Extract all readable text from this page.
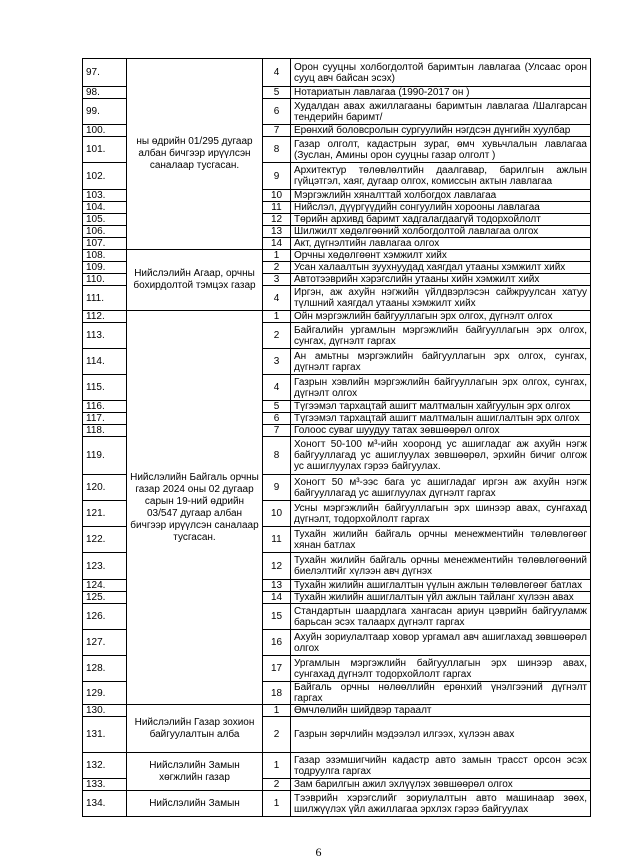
97.	ны өдрийн 01/295 дугаар албан бичгээр ирүүлсэн саналаар тусгасан.	4	Орон сууцны холбогдолтой баримтын лавлагаа (Улсаас орон сууц авч байсан эсэх)
98.		5	Нотариатын лавлагаа (1990-2017 он )
99.		6	Худалдан авах ажиллагааны баримтын лавлагаа /Шалгарсан тендерийн баримт/
100.		7	Ерөнхий боловсролын сургуулийн нэгдсэн дүнгийн хуулбар
101.		8	Газар олголт, кадастрын зураг, өмч хувьчлалын лавлагаа (Зуслан, Амины орон сууцны газар олголт )
102.		9	Архитектур төлөвлөлтийн даалгавар, барилгын ажлын гүйцэтгэл, хаяг, дугаар олгох, комиссын актын лавлагаа
103.		10	Мэргэжлийн хяналттай холбогдох лавлагаа
104.		11	Нийслэл, дүүргүүдийн сонгуулийн хорооны лавлагаа
105.		12	Төрийн архивд баримт хадгалагдаагүй тодорхойлолт
106.		13	Шилжилт хөдөлгөөний холбогдолтой лавлагаа олгох
107.		14	Акт, дүгнэлтийн лавлагаа олгох
108.	Нийслэлийн Агаар, орчны бохирдолтой тэмцэх газар	1	Орчны хөдөлгөөнт хэмжилт хийх
109.		2	Усан халаалтын зуухнуудад хаягдал утааны хэмжилт хийх
110.		3	Автотээврийн хэрэгслийн утааны хийн хэмжилт хийх
111.		4	Иргэн, аж ахуйн нэгжийн үйлдвэрлэсэн сайжруулсан хатуу түлшний хаягдал утааны хэмжилт хийх
112.	Нийслэлийн Байгаль орчны газар 2024 оны 02 дугаар сарын 19-ний өдрийн 03/547 дугаар албан бичгээр ирүүлсэн саналаар тусгасан.	1	Ойн мэргэжлийн байгууллагын эрх олгох, дүгнэлт олгох
113.		2	Байгалийн ургамлын мэргэжлийн байгууллагын эрх олгох, сунгах, дүгнэлт гаргах
114.		3	Ан амьтны мэргэжлийн байгууллагын эрх олгох, сунгах, дүгнэлт гаргах
115.		4	Газрын хэвлийн мэргэжлийн байгууллагын эрх олгох, сунгах, дүгнэлт олгох
116.		5	Түгээмэл тархацтай ашигт малтмалын хайгуулын эрх олгох
117.		6	Түгээмэл тархацтай ашигт малтмалын ашиглалтын эрх олгох
118.		7	Голоос суваг шуудуу татах зөвшөөрөл олгох
119.		8	Хоногт 50-100 м³-ийн хооронд ус ашигладаг аж ахуйн нэгж байгууллагад ус ашиглуулах зөвшөөрөл, эрхийн бичиг олгож ус ашиглуулах гэрээ байгуулах.
120.		9	Хоногт 50 м³-ээс бага ус ашигладаг иргэн аж ахуйн нэгж байгууллагад ус ашиглуулах дүгнэлт гаргах
121.		10	Усны мэргэжлийн байгууллагын эрх шинээр авах, сунгахад дүгнэлт, тодорхойлолт гаргах
122.		11	Тухайн жилийн байгаль орчны менежментийн төлөвлөгөөг хянан батлах
123.		12	Тухайн жилийн байгаль орчны менежментийн төлөвлөгөөний биелэлтийг хүлээн авч дүгнэх
124.		13	Тухайн жилийн ашиглалтын үүлын ажлын төлөвлөгөөг батлах
125.		14	Тухайн жилийн ашиглалтын үйл ажлын тайланг хүлээн авах
126.		15	Стандартын шаардлага хангасан ариун цэврийн байгууламж барьсан эсэх талаарх дүгнэлт гаргах
127.		16	Ахуйн зориулалтаар ховор ургамал авч ашиглахад зөвшөөрөл олгох
128.		17	Ургамлын мэргэжлийн байгууллагын эрх шинээр авах, сунгахад дүгнэлт тодорхойлолт гаргах
129.		18	Байгаль орчны нөлөөллийн ерөнхий үнэлгээний дүгнэлт гаргах
130.	Нийслэлийн Газар зохион байгуулалтын алба	1	Өмчлөлийн шийдвэр тараалт
131.		2	Газрын зөрчлийн мэдээлэл илгээх, хүлээн авах
132.	Нийслэлийн Замын хөгжлийн газар	1	Газар эзэмшигчийн кадастр авто замын трасст орсон эсэх тодруулга гаргах
133.		2	Зам барилгын ажил эхлүүлэх зөвшөөрөл олгох
134.	Нийслэлийн Замын	1	Тээврийн хэрэгслийг зориулалтын авто машинаар зөөх, шилжүүлэх үйл ажиллагаа эрхлэх гэрээ байгуулах
6
